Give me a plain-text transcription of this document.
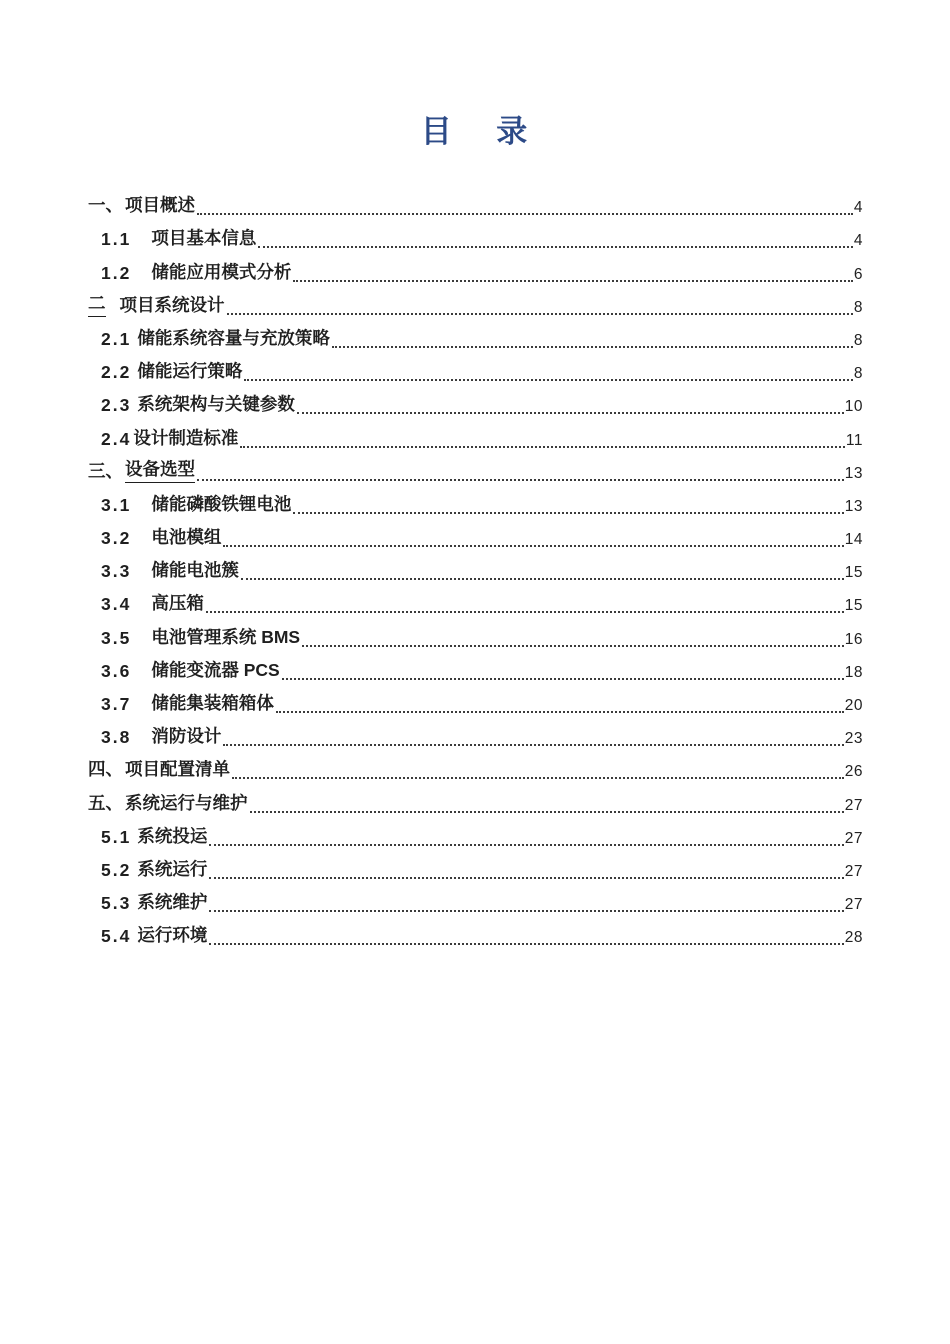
目    录
一、 项目概述	4
1.1 项目基本信息	4
1.2 储能应用模式分析	6
二 项目系统设计	8
2.1 储能系统容量与充放策略	8
2.2 储能运行策略	8
2.3 系统架构与关键参数	10
2.4 设计制造标准	11
三、 设备选型	13
3.1 储能磷酸铁锂电池	13
3.2 电池模组	14
3.3 储能电池簇	15
3.4 高压箱	15
3.5 电池管理系统 BMS	16
3.6 储能变流器 PCS	18
3.7 储能集装箱箱体	20
3.8 消防设计	23
四、 项目配置清单	26
五、 系统运行与维护	27
5.1 系统投运	27
5.2 系统运行	27
5.3 系统维护	27
5.4 运行环境	28
